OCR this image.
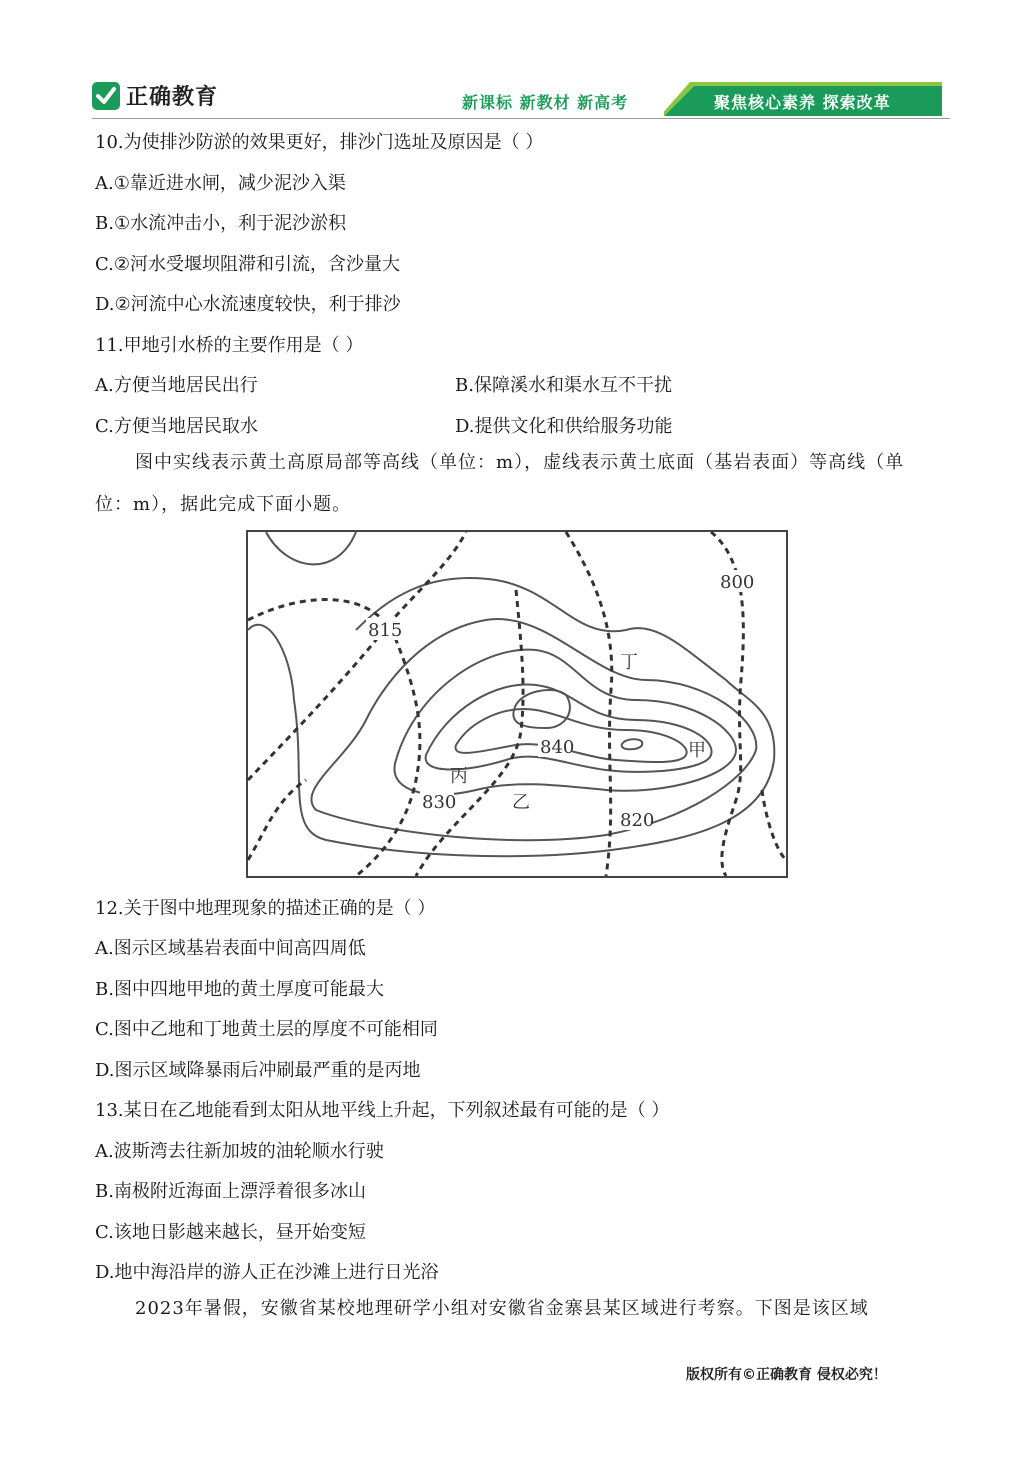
正确教育	新课标 新教材 新高考	聚焦核心素养 探索改革
10.为使排沙防淤的效果更好，排沙门选址及原因是（ ）
A.①靠近进水闸，减少泥沙入渠
B.①水流冲击小，利于泥沙淤积
C.②河水受堰坝阻滞和引流，含沙量大
D.②河流中心水流速度较快，利于排沙
11.甲地引水桥的主要作用是（ ）
A.方便当地居民出行	B.保障溪水和渠水互不干扰
C.方便当地居民取水	D.提供文化和供给服务功能
图中实线表示黄土高原局部等高线（单位：m），虚线表示黄土底面（基岩表面）等高线（单位：m），据此完成下面小题。
800
815
840
830
820
甲
乙
丙
丁
12.关于图中地理现象的描述正确的是（ ）
A.图示区域基岩表面中间高四周低
B.图中四地甲地的黄土厚度可能最大
C.图中乙地和丁地黄土层的厚度不可能相同
D.图示区域降暴雨后冲刷最严重的是丙地
13.某日在乙地能看到太阳从地平线上升起，下列叙述最有可能的是（ ）
A.波斯湾去往新加坡的油轮顺水行驶
B.南极附近海面上漂浮着很多冰山
C.该地日影越来越长，昼开始变短
D.地中海沿岸的游人正在沙滩上进行日光浴
2023年暑假，安徽省某校地理研学小组对安徽省金寨县某区域进行考察。下图是该区域
版权所有©正确教育 侵权必究！
